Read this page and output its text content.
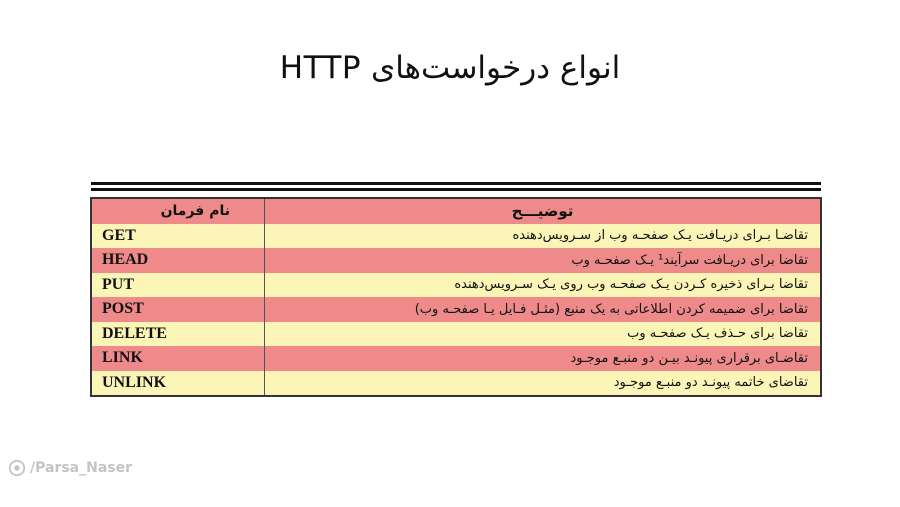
انواع درخواست‌های HTTP
نام فرمان	توضیـــح
GET	تقاضـا بـرای دریـافت یـک صفحـه وب از سـرویس‌دهنده
HEAD	تقاضا برای دریـافت سرآیند¹ یـک صفحـه وب
PUT	تقاضا بـرای ذخیره کـردن یـک صفحـه وب روی یـک سـرویس‌دهنده
POST	تقاضا برای ضمیمه کردن اطلاعاتی به یک منبع (مثـل فـایل یـا صفحـه وب)
DELETE	تقاضا برای حـذف یـک صفحـه وب
LINK	تقاضـای برقراری پیونـد بیـن دو منبـع موجـود
UNLINK	تقاضای خاتمه پیونـد دو منبـع موجـود
/Parsa_Naser
